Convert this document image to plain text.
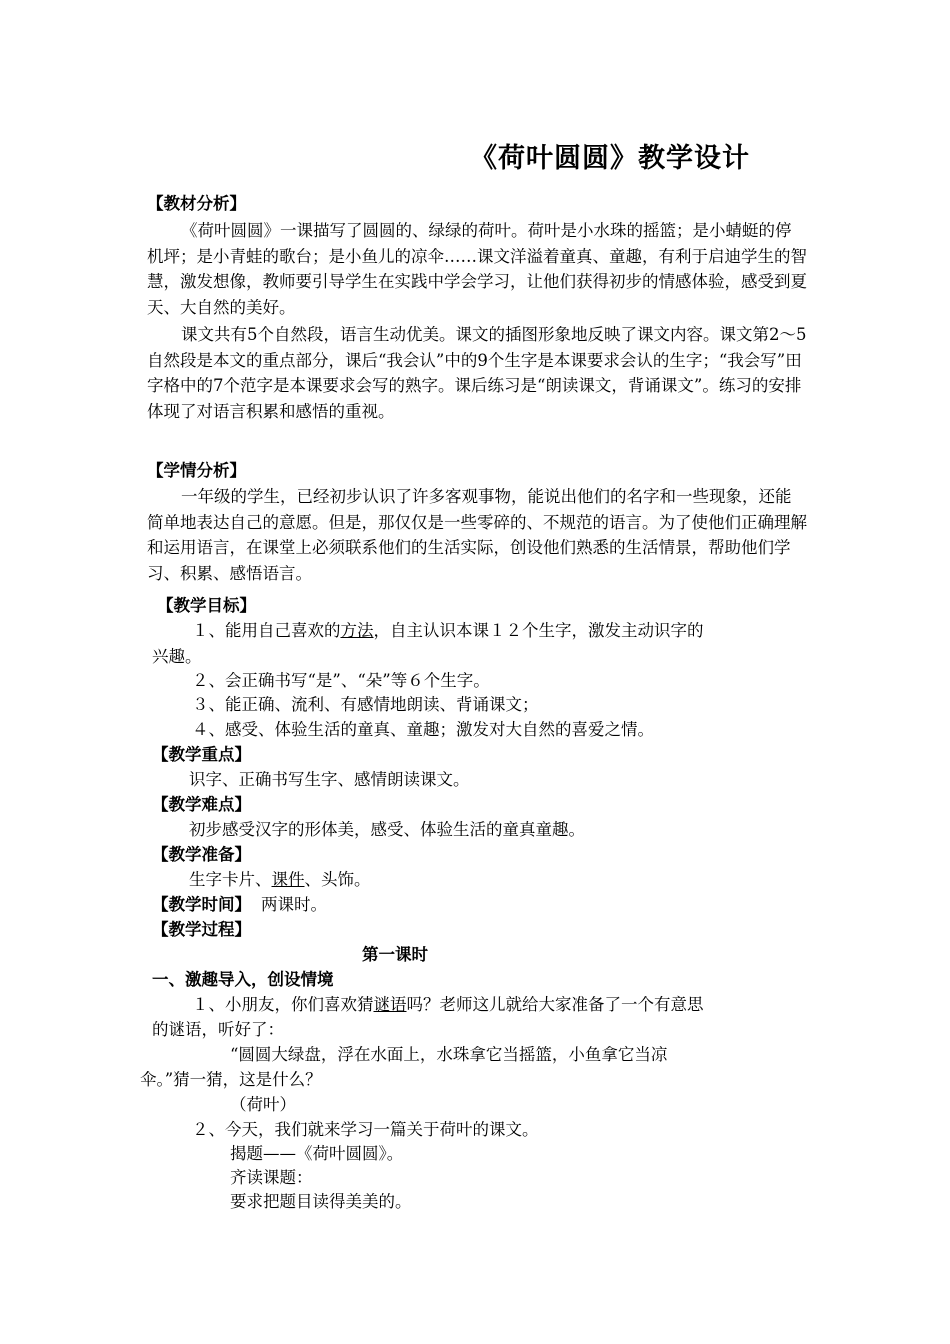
《荷叶圆圆》教学设计
【教材分析】
《荷叶圆圆》一课描写了圆圆的、绿绿的荷叶。荷叶是小水珠的摇篮；是小蜻蜓的停机坪；是小青蛙的歌台；是小鱼儿的凉伞……课文洋溢着童真、童趣，有利于启迪学生的智慧，激发想像，教师要引导学生在实践中学会学习，让他们获得初步的情感体验，感受到夏天、大自然的美好。
课文共有5个自然段，语言生动优美。课文的插图形象地反映了课文内容。课文第2～5自然段是本文的重点部分，课后“我会认”中的9个生字是本课要求会认的生字；“我会写”田字格中的7个范字是本课要求会写的熟字。课后练习是“朗读课文，背诵课文”。练习的安排体现了对语言积累和感悟的重视。
【学情分析】
一年级的学生，已经初步认识了许多客观事物，能说出他们的名字和一些现象，还能简单地表达自己的意愿。但是，那仅仅是一些零碎的、不规范的语言。为了使他们正确理解和运用语言，在课堂上必须联系他们的生活实际，创设他们熟悉的生活情景，帮助他们学习、积累、感悟语言。
【教学目标】
１、能用自己喜欢的方法，自主认识本课１２个生字，激发主动识字的
兴趣。
２、会正确书写“是”、“朵”等６个生字。
３、能正确、流利、有感情地朗读、背诵课文；
４、感受、体验生活的童真、童趣；激发对大自然的喜爱之情。
【教学重点】
识字、正确书写生字、感情朗读课文。
【教学难点】
初步感受汉字的形体美，感受、体验生活的童真童趣。
【教学准备】
生字卡片、课件、头饰。
【教学时间】 两课时。
【教学过程】
第一课时
一、激趣导入，创设情境
１、小朋友，你们喜欢猜谜语吗？老师这儿就给大家准备了一个有意思
的谜语，听好了：
“圆圆大绿盘，浮在水面上，水珠拿它当摇篮，小鱼拿它当凉
伞。”猜一猜，这是什么？
（荷叶）
２、今天，我们就来学习一篇关于荷叶的课文。
揭题——《荷叶圆圆》。
齐读课题：
要求把题目读得美美的。
